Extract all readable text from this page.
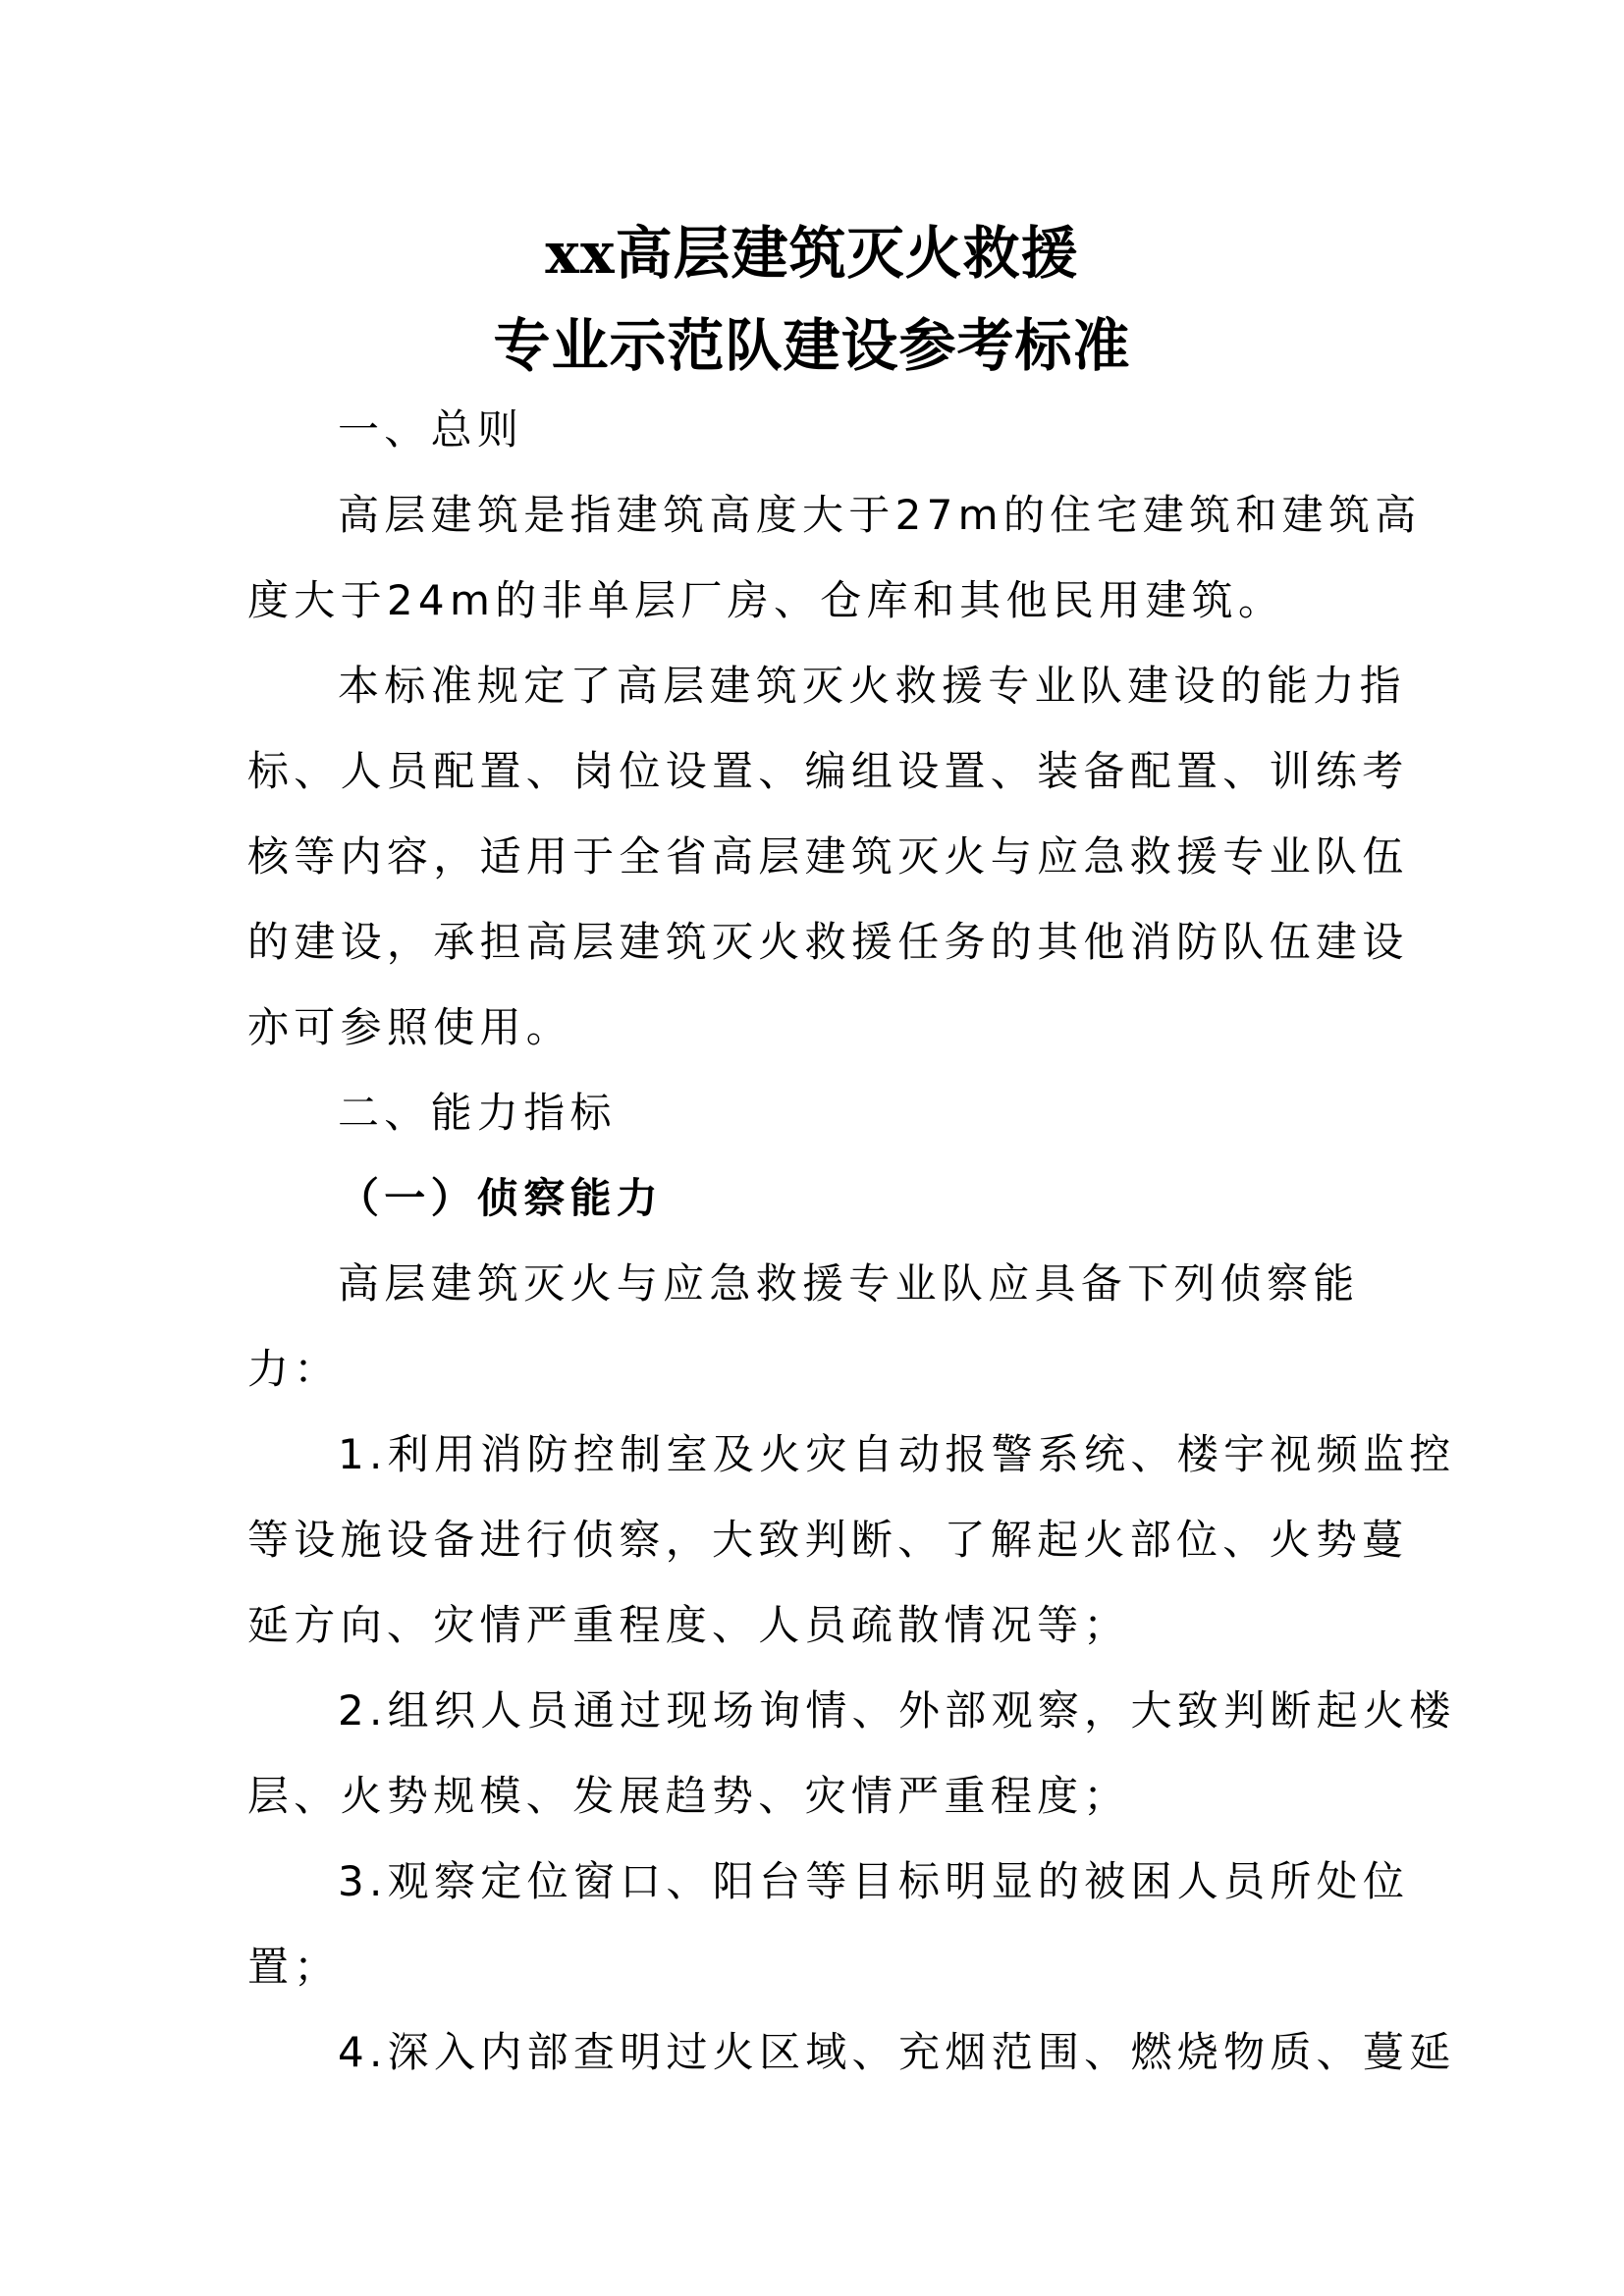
xx高层建筑灭火救援
专业示范队建设参考标准
一、总则
高层建筑是指建筑高度大于27m的住宅建筑和建筑高
度大于24m的非单层厂房、仓库和其他民用建筑。
本标准规定了高层建筑灭火救援专业队建设的能力指
标、人员配置、岗位设置、编组设置、装备配置、训练考
核等内容，适用于全省高层建筑灭火与应急救援专业队伍
的建设，承担高层建筑灭火救援任务的其他消防队伍建设
亦可参照使用。
二、能力指标
（一）侦察能力
高层建筑灭火与应急救援专业队应具备下列侦察能
力：
1.利用消防控制室及火灾自动报警系统、楼宇视频监控
等设施设备进行侦察，大致判断、了解起火部位、火势蔓
延方向、灾情严重程度、人员疏散情况等；
2.组织人员通过现场询情、外部观察，大致判断起火楼
层、火势规模、发展趋势、灾情严重程度；
3.观察定位窗口、阳台等目标明显的被困人员所处位
置；
4.深入内部查明过火区域、充烟范围、燃烧物质、蔓延
